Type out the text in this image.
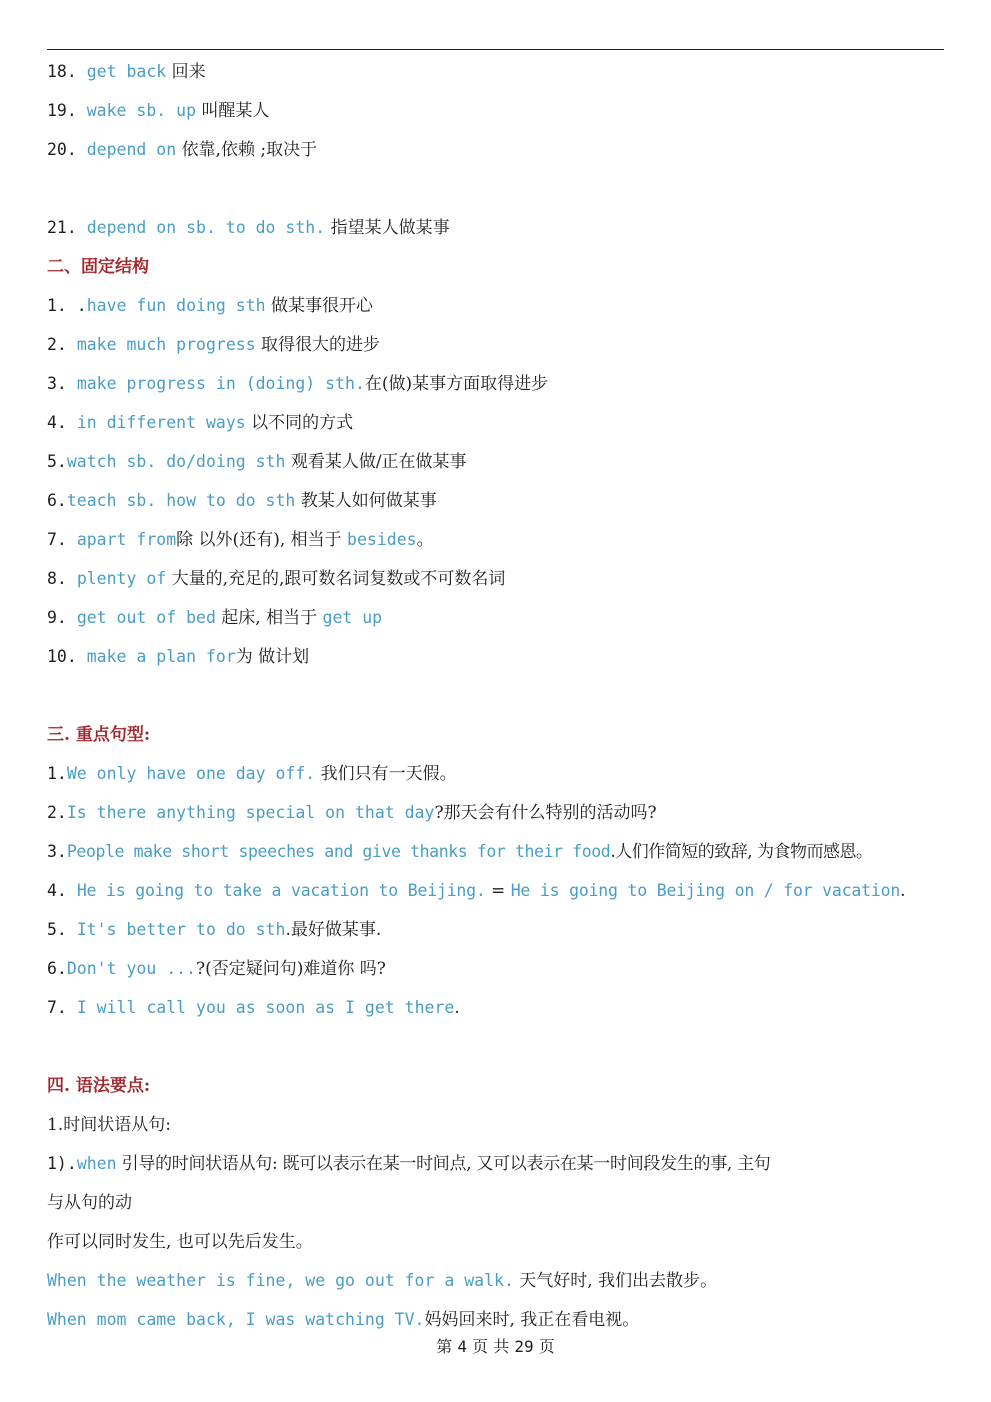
18. get back 回来
19. wake sb. up 叫醒某人
20. depend on 依靠,依赖 ;取决于
21. depend on sb. to do sth. 指望某人做某事
二、固定结构
1. .have fun doing sth 做某事很开心
2. make much progress 取得很大的进步
3. make progress in (doing) sth.在(做)某事方面取得进步
4. in different ways 以不同的方式
5.watch sb. do/doing sth 观看某人做/正在做某事
6.teach sb. how to do sth 教某人如何做某事
7. apart from除 以外(还有), 相当于 besides。
8. plenty of 大量的,充足的,跟可数名词复数或不可数名词
9. get out of bed 起床, 相当于 get up
10. make a plan for为 做计划
三. 重点句型:
1.We only have one day off. 我们只有一天假。
2.Is there anything special on that day?那天会有什么特别的活动吗?
3.People make short speeches and give thanks for their food.人们作简短的致辞, 为食物而感恩。
4. He is going to take a vacation to Beijing. = He is going to Beijing on / for vacation.
5. It's better to do sth.最好做某事.
6.Don't you ...?(否定疑问句)难道你 吗?
7. I will call you as soon as I get there.
四. 语法要点:
1.时间状语从句:
1).when 引导的时间状语从句: 既可以表示在某一时间点, 又可以表示在某一时间段发生的事, 主句
与从句的动
作可以同时发生, 也可以先后发生。
When the weather is fine, we go out for a walk. 天气好时, 我们出去散步。
When mom came back, I was watching TV.妈妈回来时, 我正在看电视。
第 4 页 共 29 页
